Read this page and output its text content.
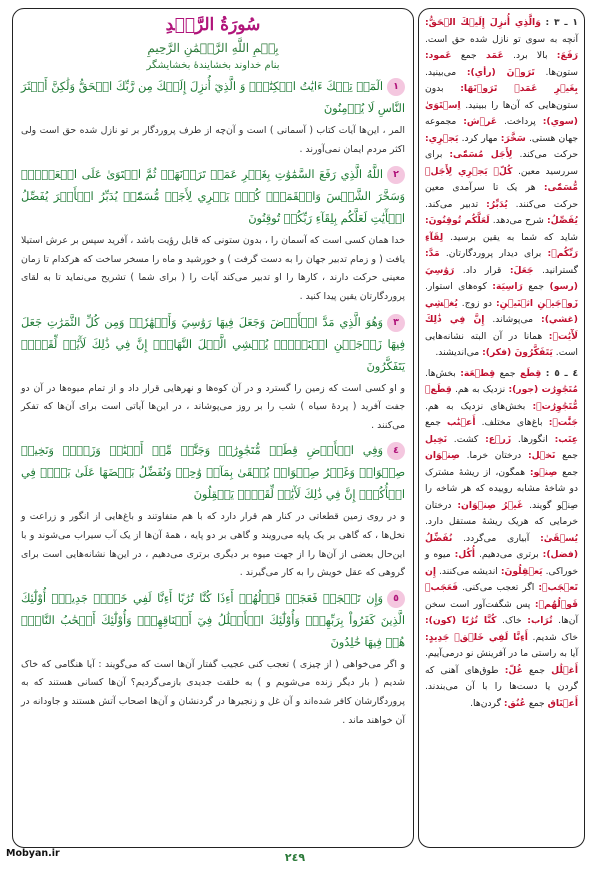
سُورَةُ الرَّعۡدِ
بِسۡمِ اللَّهِ الرَّحۡمَٰنِ الرَّحِيمِ
بنام خداوند بخشايندۀ بخشايشگر
١الٓمٓرۚ تِلۡكَ ءَايَٰتُ الۡكِتَٰبِۗ وَ الَّذِيٓ أُنزِلَ إِلَيۡكَ مِن رَّبِّكَ الۡحَقُّ وَلَٰكِنَّ أَكۡثَرَ النَّاسِ لَا يُؤۡمِنُونَ
المر ، این‌ها آیات کتاب ( آسمانی ) است و آن‌چه از طرف پروردگار بر تو نازل شده حق است ولی اکثر مردم ایمان نمی‌آورند .
٢اللَّهُ الَّذِي رَفَعَ السَّمَٰوَٰتِ بِغَيۡرِ عَمَدٖ تَرَوۡنَهَاۖ ثُمَّ اسۡتَوَىٰ عَلَى الۡعَرۡشِۖ وَسَخَّرَ الشَّمۡسَ وَالۡقَمَرَۖ كُلّٞ يَجۡرِي لِأَجَلٖ مُّسَمّٗىۚ يُدَبِّرُ الۡأَمۡرَ يُفَصِّلُ الۡأٓيَٰتِ لَعَلَّكُم بِلِقَآءِ رَبِّكُمۡ تُوقِنُونَ
خدا همان کسی است که آسمان را ، بدون ستونی که قابل رؤیت باشد ، آفرید سپس بر عرش استیلا یافت ( و زمام تدبیر جهان را به دست گرفت ) و خورشید و ماه را مسخر ساخت که هرکدام تا زمان معینی حرکت دارند ، کارها را او تدبیر می‌کند آیات را ( برای شما ) تشریح می‌نماید تا به لقای پروردگارتان یقین پیدا کنید .
٣وَهُوَ الَّذِي مَدَّ الۡأَرۡضَ وَجَعَلَ فِيهَا رَوَٰسِيَ وَأَنۡهَٰرٗاۖ وَمِن كُلِّ الثَّمَرَٰتِ جَعَلَ فِيهَا زَوۡجَيۡنِ اثۡنَيۡنِۖ يُغۡشِي الَّيۡلَ النَّهَارَۚ إِنَّ فِي ذَٰلِكَ لَأٓيَٰتٖ لِّقَوۡمٖ يَتَفَكَّرُونَ
و او کسی است که زمین را گسترد و در آن کوه‌ها و نهرهایی قرار داد و از تمام میوه‌ها در آن دو جفت آفرید ( پردۀ سیاه ) شب را بر روز می‌پوشاند ، در این‌ها آیاتی است برای آن‌ها که تفکر می‌کنند .
٤وَفِي الۡأَرۡضِ قِطَعٞ مُّتَجَٰوِرَٰتٞ وَجَنَّٰتٞ مِّنۡ أَعۡنَٰبٖ وَزَرۡعٞ وَنَخِيلٞ صِنۡوَانٞ وَغَيۡرُ صِنۡوَانٖ يُسۡقَىٰ بِمَآءٖ وَٰحِدٖ وَنُفَضِّلُ بَعۡضَهَا عَلَىٰ بَعۡضٖ فِي الۡأُكُلِۚ إِنَّ فِي ذَٰلِكَ لَأٓيَٰتٖ لِّقَوۡمٖ يَعۡقِلُونَ
و در روی زمین قطعاتی در کنار هم قرار دارد که با هم متفاوتند و باغ‌هایی از انگور و زراعت و نخل‌ها ، که گاهی بر یک پایه می‌رویند و گاهی بر دو پایه ، همهٔ آن‌ها از یک آب سیراب می‌شوند و با این‌حال بعضی از آن‌ها را از جهت میوه بر دیگری برتری می‌دهیم ، در این‌ها نشانه‌هایی است برای گروهی که عقل خویش را به کار می‌گیرند .
٥وَإِن تَعۡجَبۡ فَعَجَبٞ قَوۡلُهُمۡ أَءِذَا كُنَّا تُرَٰبًا أَءِنَّا لَفِي خَلۡقٖ جَدِيدٍۗ أُوْلَٰٓئِكَ الَّذِينَ كَفَرُواْ بِرَبِّهِمۡۖ وَأُوْلَٰٓئِكَ الۡأَغۡلَٰلُ فِيٓ أَعۡنَاقِهِمۡۖ وَأُوْلَٰٓئِكَ أَصۡحَٰبُ النَّارِۖ هُمۡ فِيهَا خَٰلِدُونَ
و اگر می‌خواهی ( از چیزی ) تعجب کنی عجیب گفتار آن‌ها است که می‌گویند : آیا هنگامی که خاک شدیم ( بار دیگر زنده می‌شویم و ) به خلقت جدیدی بازمی‌گردیم؟ آن‌ها کسانی هستند که به پروردگارشان کافر شده‌اند و آن غل و زنجیرها در گردنشان و آن‌ها اصحاب آتش هستند و جاودانه در آن خواهند ماند .
١ ـ ٣ : وَالَّذِي أُنزِلَ إِلَيۡكَ الۡحَقُّ: آنچه به سوی تو نازل شده حق است. رَفَعَ: بالا برد. عَمَد جمع عَمود: ستون‌ها. تَرَوۡنَ (رأي): می‌بینید. بِغَيۡرِ عَمَدٖ تَرَوۡنَهَا: بدون ستون‌هایی که آن‌ها را ببینید. اِسۡتَوَىٰ (سوي): پرداخت. عَرۡش: مجموعه جهان هستی. سَخَّرَ: مهار کرد. يَجۡرِي: حرکت می‌کند. لِأَجَل مُسَمّٗى: برای سررسید معین. كُلّٞ يَجۡرِي لِأَجَلٖ مُّسَمّٗى: هر یک تا سرآمدی معین حرکت می‌کنند. يُدَبِّرُ: تدبیر می‌کند. يُفَصِّلُ: شرح می‌دهد. لَعَلَّكُم تُوقِنُونَ: شاید که شما به یقین برسید. لِقَآءِ رَبِّكُمۡ: برای دیدار پروردگارتان. مَدَّ: گسترانید. جَعَلَ: قرار داد. رَوَٰسِيَ (رسو) جمع رَاسِيَة: کوه‌های استوار. زَوۡجَيۡنِ اثۡنَيۡنِ: دو زوج. يُغۡشِي (غشي): می‌پوشاند. إِنَّ فِي ذَٰلِكَ لَأٓيَٰتٖ: همانا در آن البته نشانه‌هایی است. يَتَفَكَّرُونَ (فكر): می‌اندیشند.
٤ ـ ٥ : قِطَع جمع قِطۡعَة: بخش‌ها. مُتَجَٰوِرَٰت (جور): نزدیک به هم. قِطَعٞ مُّتَجَٰوِرَٰتٞ: بخش‌های نزدیک به هم. جَنَّٰتٞ: باغ‌های مختلف. أَعۡنَٰب جمع عِنَب: انگورها. زَرۡع: کشت. نَخِيل جمع نَخۡل: درختان خرما. صِنۡوَان جمع صِنۡو: همگون، از ریشهٔ مشترک دو شاخهٔ مشابه روییده که هر شاخه را صِنۡو گویند. غَيۡرُ صِنۡوَان: درختان خرمایی که هریک ریشهٔ مستقل دارد. يُسۡقَىٰ: آبیاری می‌گردد. نُفَضِّلُ (فضل): برتری می‌دهیم. أُكُل: میوه و خوراکی. يَعۡقِلُونَ: اندیشه می‌کنند. إِن تَعۡجَبۡ: اگر تعجب می‌کنی. فَعَجَبٞ قَوۡلُهُمۡ: پس شگفت‌آور است سخن آن‌ها. تُرَاب: خاک. كُنَّا تُرَٰبًا (كون): خاک شدیم. أَءِنَّا لَفِي خَلۡقٖ جَدِيدٍ: آیا به راستی ما در آفرینش نو درمی‌آییم. أَغۡلَٰل جمع غُلّ: طوق‌های آهنی که گردن یا دست‌ها را با آن می‌بندند. أَعۡنَاق جمع عُنُق: گردن‌ها.
Mobyan.ir	٢٤٩
